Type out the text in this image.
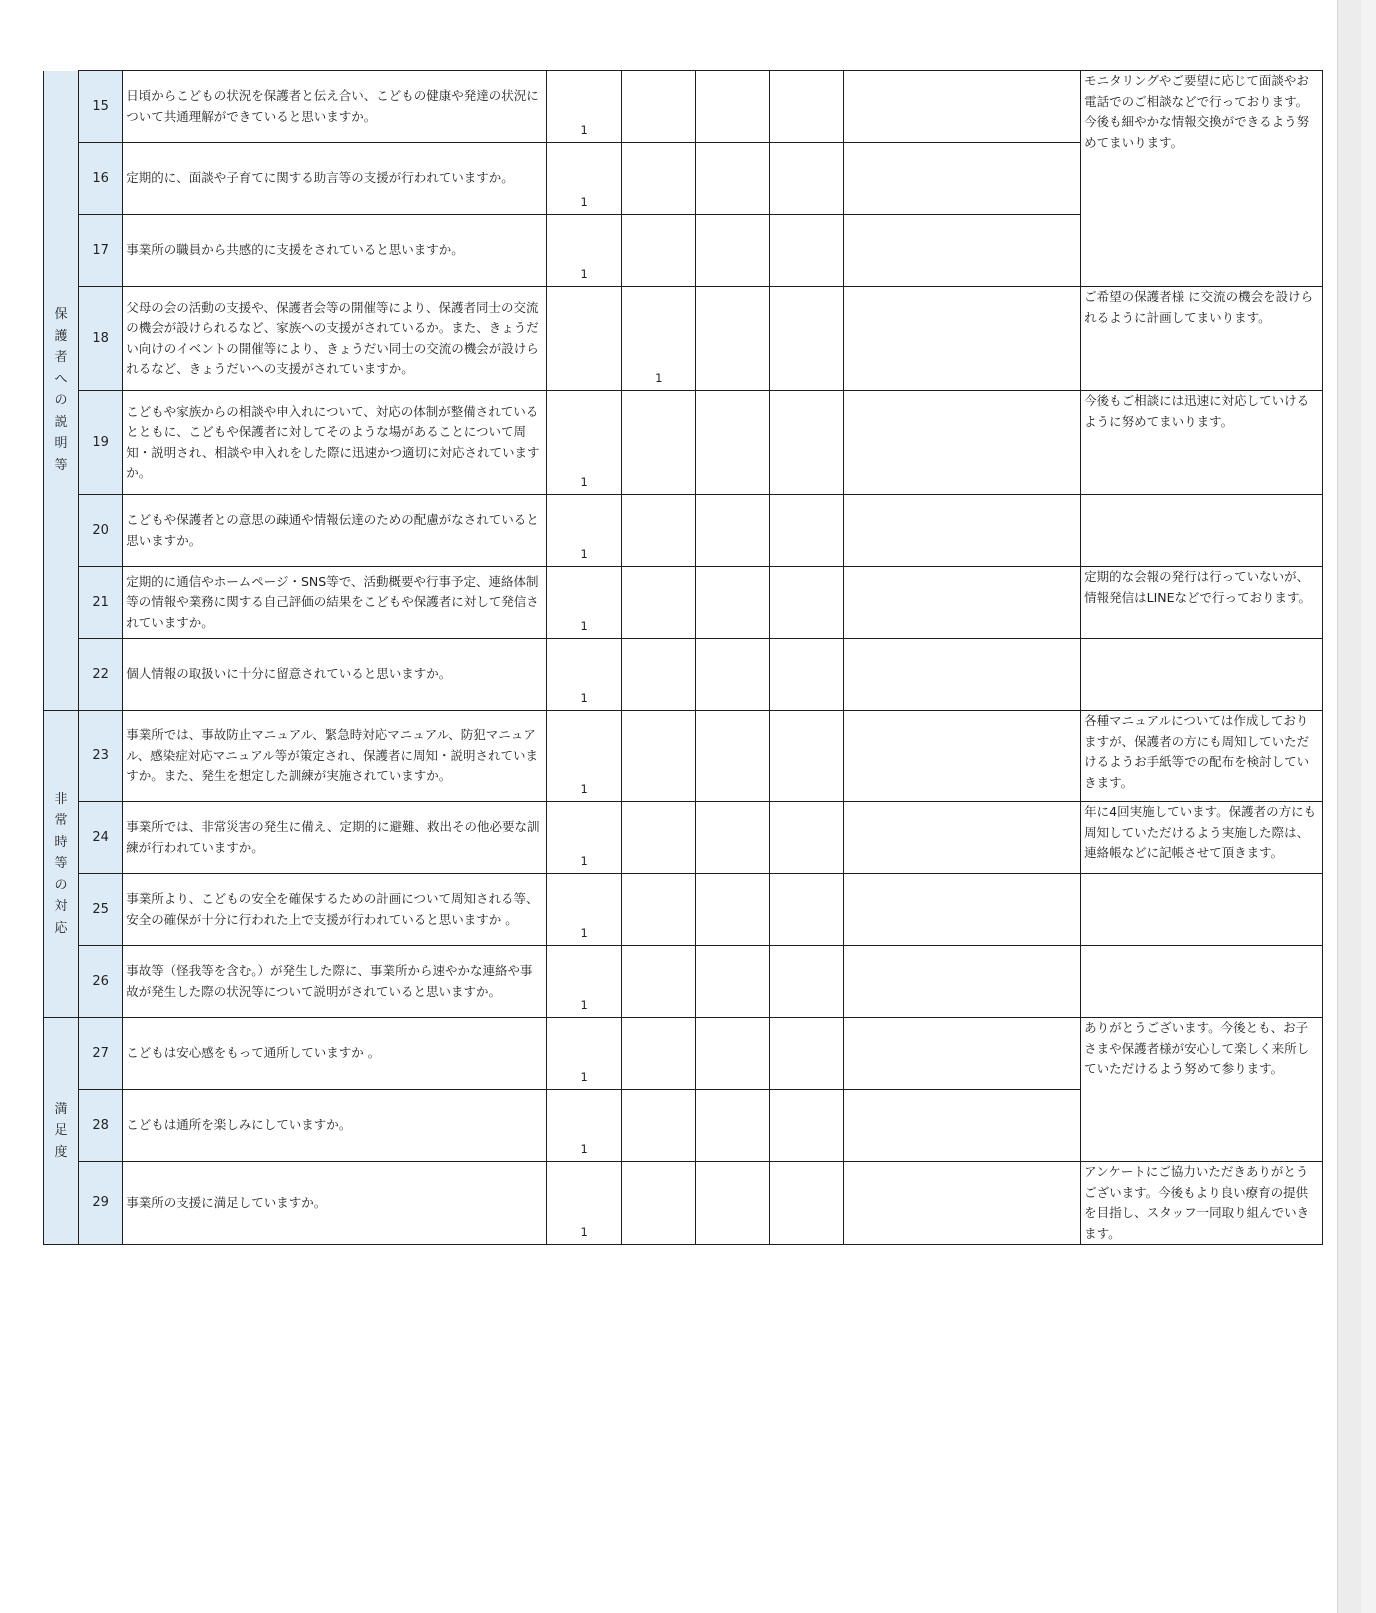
保護者への説明等	15	日頃からこどもの状況を保護者と伝え合い、こどもの健康や発達の状況について共通理解ができていると思いますか。	1					モニタリングやご要望に応じて面談やお電話でのご相談などで行っております。今後も細やかな情報交換ができるよう努めてまいります。
	16	定期的に、面談や子育てに関する助言等の支援が行われていますか。	1					
	17	事業所の職員から共感的に支援をされていると思いますか。	1					
	18	父母の会の活動の支援や、保護者会等の開催等により、保護者同士の交流の機会が設けられるなど、家族への支援がされているか。また、きょうだい向けのイベントの開催等により、きょうだい同士の交流の機会が設けられるなど、きょうだいへの支援がされていますか。		1				ご希望の保護者様 に交流の機会を設けられるように計画してまいります。
	19	こどもや家族からの相談や申入れについて、対応の体制が整備されているとともに、こどもや保護者に対してそのような場があることについて周知・説明され、相談や申入れをした際に迅速かつ適切に対応されていますか。	1					今後もご相談には迅速に対応していけるように努めてまいります。
	20	こどもや保護者との意思の疎通や情報伝達のための配慮がなされていると思いますか。	1					
	21	定期的に通信やホームページ・SNS等で、活動概要や行事予定、連絡体制等の情報や業務に関する自己評価の結果をこどもや保護者に対して発信されていますか。	1					定期的な会報の発行は行っていないが、情報発信はLINEなどで行っております。
	22	個人情報の取扱いに十分に留意されていると思いますか。	1					
非常時等の対応	23	事業所では、事故防止マニュアル、緊急時対応マニュアル、防犯マニュアル、感染症対応マニュアル等が策定され、保護者に周知・説明されていますか。また、発生を想定した訓練が実施されていますか。	1					各種マニュアルについては作成しておりますが、保護者の方にも周知していただけるようお手紙等での配布を検討していきます。
	24	事業所では、非常災害の発生に備え、定期的に避難、救出その他必要な訓練が行われていますか。	1					年に4回実施しています。保護者の方にも周知していただけるよう実施した際は、連絡帳などに記帳させて頂きます。
	25	事業所より、こどもの安全を確保するための計画について周知される等、安全の確保が十分に行われた上で支援が行われていると思いますか 。	1					
	26	事故等（怪我等を含む。）が発生した際に、事業所から速やかな連絡や事故が発生した際の状況等について説明がされていると思いますか。	1					
満足度	27	こどもは安心感をもって通所していますか 。	1					ありがとうございます。今後とも、お子さまや保護者様が安心して楽しく来所していただけるよう努めて参ります。
	28	こどもは通所を楽しみにしていますか。	1					
	29	事業所の支援に満足していますか。	1					アンケートにご協力いただきありがとうございます。今後もより良い療育の提供を目指し、スタッフ一同取り組んでいきます。
